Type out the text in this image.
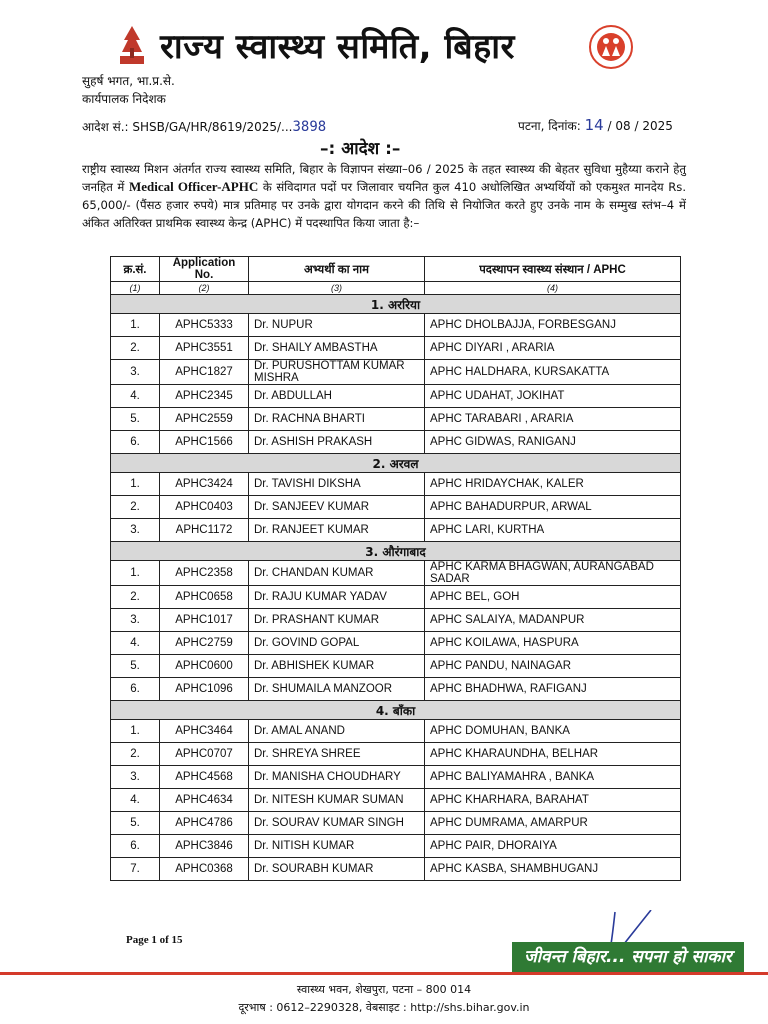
राज्य स्वास्थ्य समिति, बिहार
सुहर्ष भगत, भा.प्र.से.
कार्यपालक निदेशक
आदेश सं.: SHSB/GA/HR/8619/2025/...3898	पटना, दिनांक: 14 / 08 / 2025
–: आदेश :–
राष्ट्रीय स्वास्थ्य मिशन अंतर्गत राज्य स्वास्थ्य समिति, बिहार के विज्ञापन संख्या–06 / 2025 के तहत स्वास्थ्य की बेहतर सुविधा मुहैय्या कराने हेतु जनहित में Medical Officer-APHC के संविदागत पदों पर जिलावार चयनित कुल 410 अधोलिखित अभ्यर्थियों को एकमुश्त मानदेय Rs. 65,000/- (पैंसठ हजार रुपये) मात्र प्रतिमाह पर उनके द्वारा योगदान करने की तिथि से नियोजित करते हुए उनके नाम के सम्मुख स्तंभ–4 में अंकित अतिरिक्त प्राथमिक स्वास्थ्य केन्द्र (APHC) में पदस्थापित किया जाता है:–
क्र.सं.	Application No.	अभ्यर्थी का नाम	पदस्थापन स्वास्थ्य संस्थान / APHC
(1)	(2)	(3)	(4)
1. अररिया			
1.	APHC5333	Dr. NUPUR	APHC DHOLBAJJA, FORBESGANJ
2.	APHC3551	Dr. SHAILY AMBASTHA	APHC DIYARI , ARARIA
3.	APHC1827	Dr. PURUSHOTTAM KUMAR MISHRA	APHC HALDHARA, KURSAKATTA
4.	APHC2345	Dr. ABDULLAH	APHC UDAHAT, JOKIHAT
5.	APHC2559	Dr. RACHNA BHARTI	APHC TARABARI , ARARIA
6.	APHC1566	Dr. ASHISH PRAKASH	APHC GIDWAS, RANIGANJ
2. अरवल			
1.	APHC3424	Dr. TAVISHI DIKSHA	APHC HRIDAYCHAK, KALER
2.	APHC0403	Dr. SANJEEV KUMAR	APHC BAHADURPUR, ARWAL
3.	APHC1172	Dr. RANJEET KUMAR	APHC LARI, KURTHA
3. औरंगाबाद			
1.	APHC2358	Dr. CHANDAN KUMAR	APHC KARMA BHAGWAN, AURANGABAD SADAR
2.	APHC0658	Dr. RAJU KUMAR YADAV	APHC BEL, GOH
3.	APHC1017	Dr. PRASHANT KUMAR	APHC SALAIYA, MADANPUR
4.	APHC2759	Dr. GOVIND GOPAL	APHC KOILAWA, HASPURA
5.	APHC0600	Dr. ABHISHEK KUMAR	APHC PANDU, NAINAGAR
6.	APHC1096	Dr. SHUMAILA MANZOOR	APHC BHADHWA, RAFIGANJ
4. बाँका			
1.	APHC3464	Dr. AMAL ANAND	APHC DOMUHAN, BANKA
2.	APHC0707	Dr. SHREYA SHREE	APHC KHARAUNDHA, BELHAR
3.	APHC4568	Dr. MANISHA CHOUDHARY	APHC BALIYAMAHRA , BANKA
4.	APHC4634	Dr. NITESH KUMAR SUMAN	APHC KHARHARA, BARAHAT
5.	APHC4786	Dr. SOURAV KUMAR SINGH	APHC DUMRAMA, AMARPUR
6.	APHC3846	Dr. NITISH KUMAR	APHC PAIR, DHORAIYA
7.	APHC0368	Dr. SOURABH KUMAR	APHC KASBA, SHAMBHUGANJ
Page 1 of 15
जीवन्त बिहार... सपना हो साकार
स्वास्थ्य भवन, शेखपुरा, पटना – 800 014
दूरभाष : 0612–2290328, वेबसाइट : http://shs.bihar.gov.in
